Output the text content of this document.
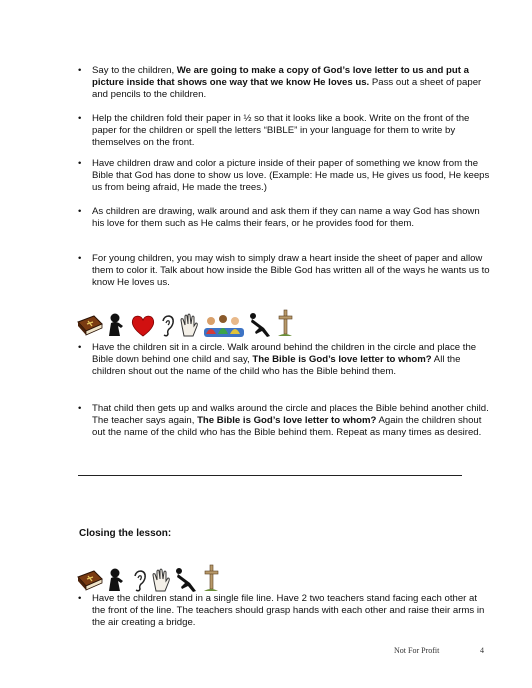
• Say to the children, We are going to make a copy of God’s love letter to us and put a picture inside that shows one way that we know He loves us. Pass out a sheet of paper and pencils to the children.
• Help the children fold their paper in ½ so that it looks like a book. Write on the front of the paper for the children or spell the letters “BIBLE” in your language for them to write by themselves on the front.
• Have children draw and color a picture inside of their paper of something we know from the Bible that God has done to show us love. (Example: He made us, He gives us food, He keeps us from being afraid, He made the trees.)
• As children are drawing, walk around and ask them if they can name a way God has shown his love for them such as He calms their fears, or he provides food for them.
• For young children, you may wish to simply draw a heart inside the sheet of paper and allow them to color it. Talk about how inside the Bible God has written all of the ways he wants us to know He loves us.
• Have the children sit in a circle. Walk around behind the children in the circle and place the Bible down behind one child and say, The Bible is God’s love letter to whom? All the children shout out the name of the child who has the Bible behind them.
• That child then gets up and walks around the circle and places the Bible behind another child. The teacher says again, The Bible is God’s love letter to whom? Again the children shout out the name of the child who has the Bible behind them. Repeat as many times as desired.
Closing the lesson:
• Have the children stand in a single file line. Have 2 two teachers stand facing each other at the front of the line. The teachers should grasp hands with each other and raise their arms in the air creating a bridge.
Not For Profit	4
